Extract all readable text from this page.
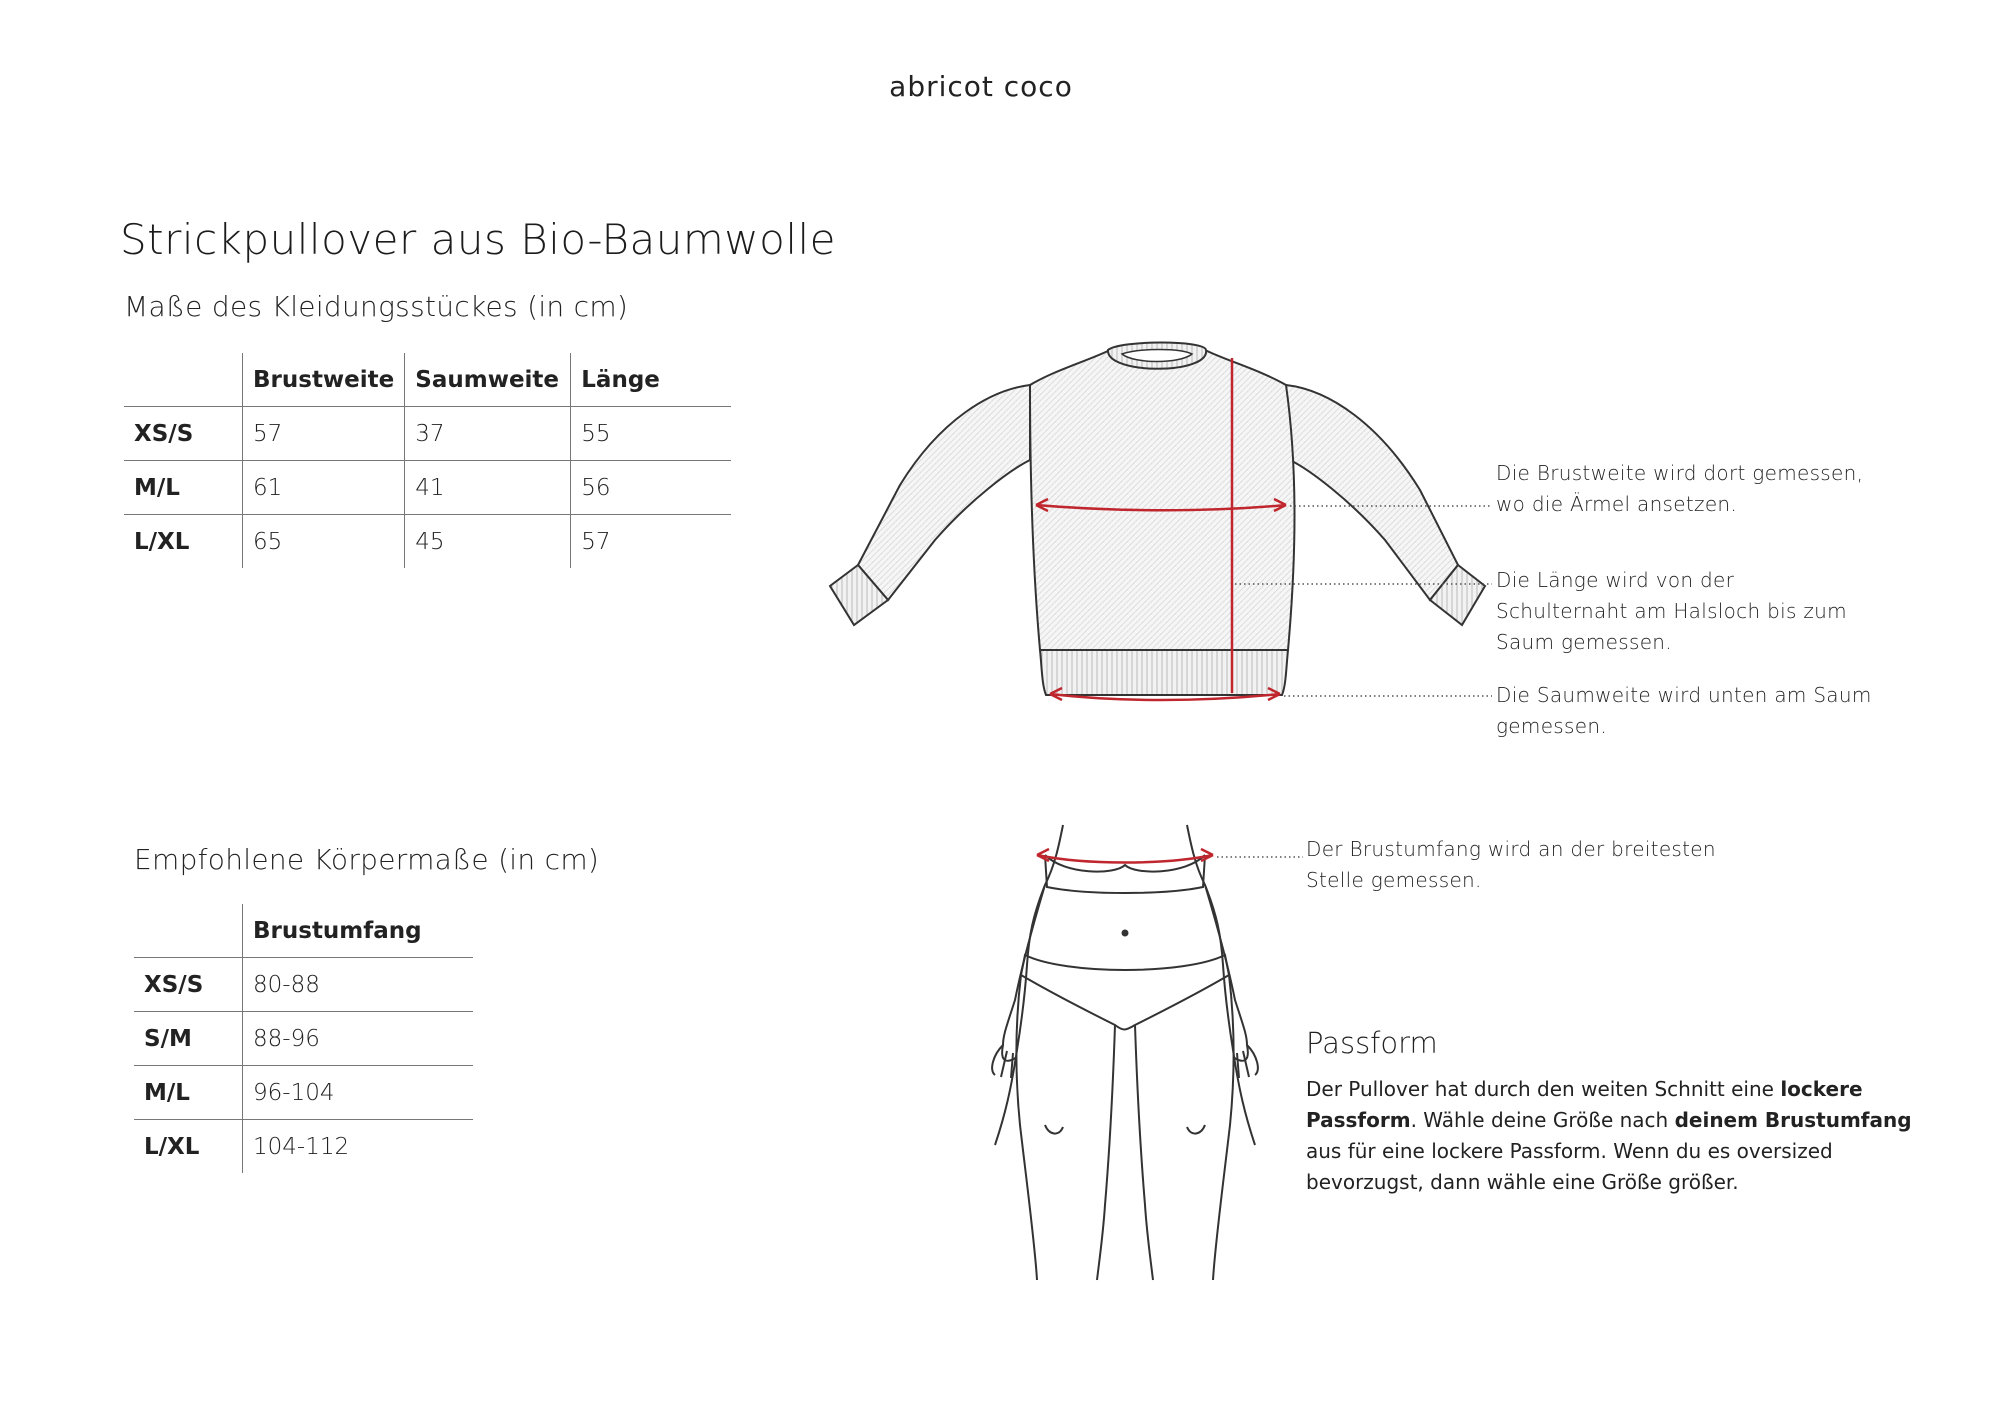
abricot coco
Strickpullover aus Bio-Baumwolle
Maße des Kleidungsstückes (in cm)
	Brustweite	Saumweite	Länge
XS/S	57	37	55
M/L	61	41	56
L/XL	65	45	57
Empfohlene Körpermaße (in cm)
	Brustumfang
XS/S	80-88
S/M	88-96
M/L	96-104
L/XL	104-112
Die Brustweite wird dort gemessen,
wo die Ärmel ansetzen.
Die Länge wird von der
Schulternaht am Halsloch bis zum
Saum gemessen.
Die Saumweite wird unten am Saum
gemessen.
Der Brustumfang wird an der breitesten
Stelle gemessen.
Passform
Der Pullover hat durch den weiten Schnitt eine lockere Passform. Wähle deine Größe nach deinem Brustumfang aus für eine lockere Passform. Wenn du es oversized bevorzugst, dann wähle eine Größe größer.
